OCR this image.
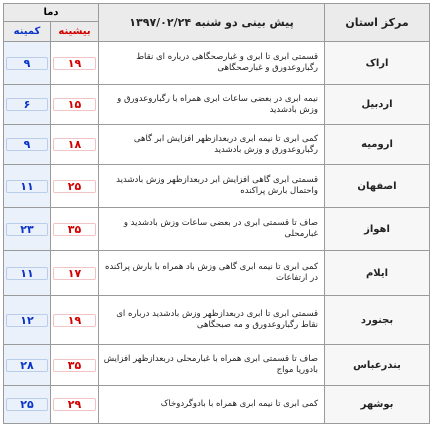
مرکز استان	پیش بینی دو شنبه ۱۳۹۷/۰۲/۲۴	دما	
		بیشینه	کمینه
اراک	قسمتی ابری تا ابری و غبارصحگاهی درباره ای نقاط رگبارو‌عدورق و غبارصحگاهی	۱۹	۹

اردبیل	نیمه ابری در بعضی ساعات ابری همراه با رگبارو‌عدورق و وزش بادشدید	۱۵	۶

ارومیه	کمی ابری تا نیمه ابری دربعدازظهر افزایش ابر گاهی رگبارو‌عدورق و وزش بادشدید	۱۸	۹

اصفهان	قسمتی ابری گاهی افزایش ابر دربعدازظهر وزش بادشدید واحتمال بارش پراکنده	۲۵	۱۱

اهواز	صاف تا قسمتی ابری در بعضی ساعات وزش بادشدید و غبارمحلی	۳۵	۲۳

ایلام	کمی ابری تا نیمه ابری گاهی وزش باد همراه با بارش پراکنده در ارتفاعات	۱۷	۱۱

بجنورد	قسمتی ابری تا ابری دربعدازظهر وزش بادشدید درباره ای نقاط رگبارو‌عدورق و مه صبحگاهی	۱۹	۱۲

بندرعباس	صاف تا قسمتی ابری همراه با غبارمحلی دربعدازظهر افزایش بادوریا مواج	۳۵	۲۸

بوشهر	کمی ابری تا نیمه ابری همراه با بادوگردوخاک	۲۹	۲۵
